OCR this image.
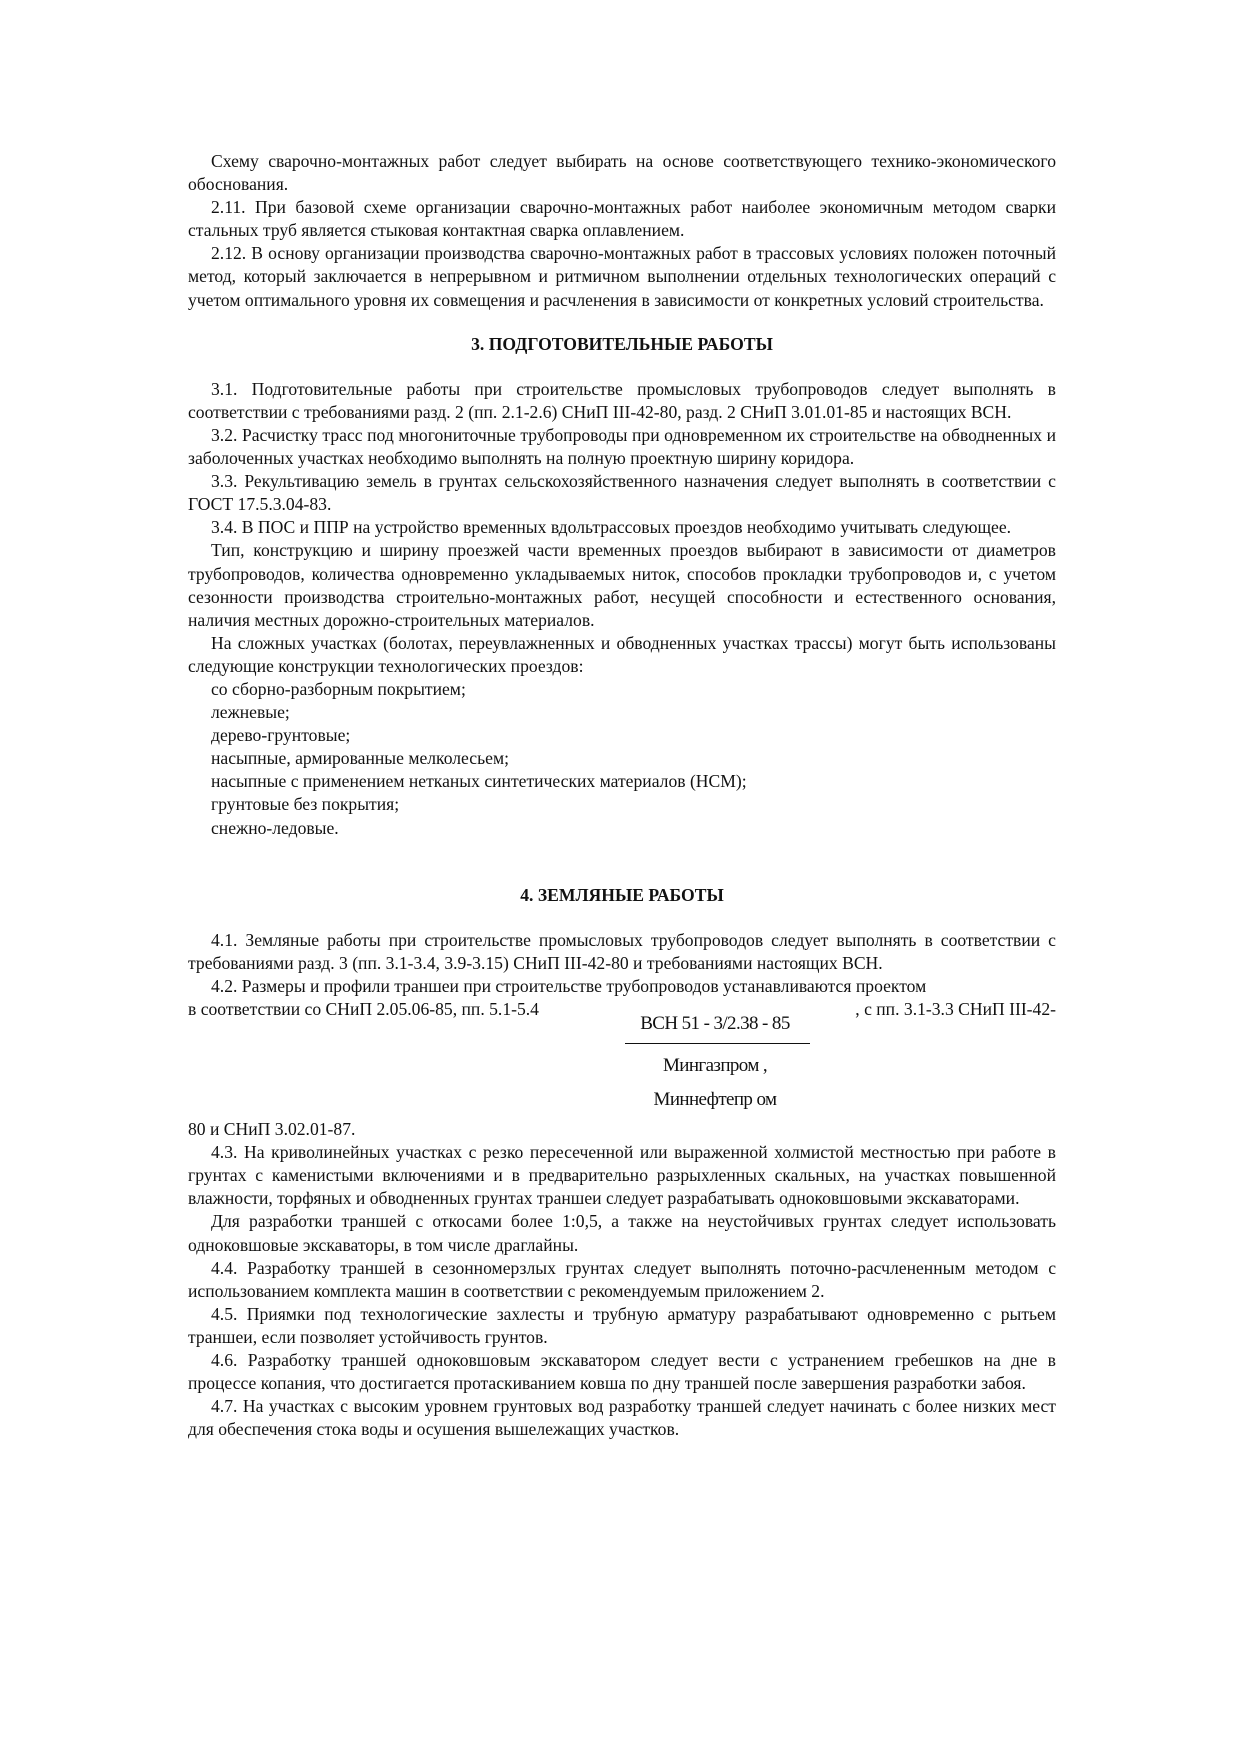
Схему сварочно-монтажных работ следует выбирать на основе соответствующего технико-экономического обоснования.

2.11. При базовой схеме организации сварочно-монтажных работ наиболее экономичным методом сварки стальных труб является стыковая контактная сварка оплавлением.

2.12. В основу организации производства сварочно-монтажных работ в трассовых условиях положен поточный метод, который заключается в непрерывном и ритмичном выполнении отдельных технологических операций с учетом оптимального уровня их совмещения и расчленения в зависимости от конкретных условий строительства.

3. ПОДГОТОВИТЕЛЬНЫЕ РАБОТЫ

3.1. Подготовительные работы при строительстве промысловых трубопроводов следует выполнять в соответствии с требованиями разд. 2 (пп. 2.1-2.6) СНиП III-42-80, разд. 2 СНиП 3.01.01-85 и настоящих ВСН.

3.2. Расчистку трасс под многониточные трубопроводы при одновременном их строительстве на обводненных и заболоченных участках необходимо выполнять на полную проектную ширину коридора.

3.3. Рекультивацию земель в грунтах сельскохозяйственного назначения следует выполнять в соответствии с ГОСТ 17.5.3.04-83.

3.4. В ПОС и ППР на устройство временных вдольтрассовых проездов необходимо учитывать следующее.

Тип, конструкцию и ширину проезжей части временных проездов выбирают в зависимости от диаметров трубопроводов, количества одновременно укладываемых ниток, способов прокладки трубопроводов и, с учетом сезонности производства строительно-монтажных работ, несущей способности и естественного основания, наличия местных дорожно-строительных материалов.

На сложных участках (болотах, переувлажненных и обводненных участках трассы) могут быть использованы следующие конструкции технологических проездов:

со сборно-разборным покрытием;

лежневые;

дерево-грунтовые;

насыпные, армированные мелколесьем;

насыпные с применением нетканых синтетических материалов (НСМ);

грунтовые без покрытия;

снежно-ледовые.

4. ЗЕМЛЯНЫЕ РАБОТЫ

4.1. Земляные работы при строительстве промысловых трубопроводов следует выполнять в соответствии с требованиями разд. 3 (пп. 3.1-3.4, 3.9-3.15) СНиП III-42-80 и требованиями настоящих ВСН.

4.2. Размеры и профили траншеи при строительстве трубопроводов устанавливаются проектом

в соответствии со СНиП 2.05.06-85, пп. 5.1-5.4	, с пп. 3.1-3.3 СНиП III-42-
ВСН 51 - 3/2.38 - 85
Мингазпром ,
Миннефтепр ом

80 и СНиП 3.02.01-87.

4.3. На криволинейных участках с резко пересеченной или выраженной холмистой местностью при работе в грунтах с каменистыми включениями и в предварительно разрыхленных скальных, на участках повышенной влажности, торфяных и обводненных грунтах траншеи следует разрабатывать одноковшовыми экскаваторами.

Для разработки траншей с откосами более 1:0,5, а также на неустойчивых грунтах следует использовать одноковшовые экскаваторы, в том числе драглайны.

4.4. Разработку траншей в сезонномерзлых грунтах следует выполнять поточно-расчлененным методом с использованием комплекта машин в соответствии с рекомендуемым приложением 2.

4.5. Приямки под технологические захлесты и трубную арматуру разрабатывают одновременно с рытьем траншеи, если позволяет устойчивость грунтов.

4.6. Разработку траншей одноковшовым экскаватором следует вести с устранением гребешков на дне в процессе копания, что достигается протаскиванием ковша по дну траншей после завершения разработки забоя.

4.7. На участках с высоким уровнем грунтовых вод разработку траншей следует начинать с более низких мест для обеспечения стока воды и осушения вышележащих участков.
